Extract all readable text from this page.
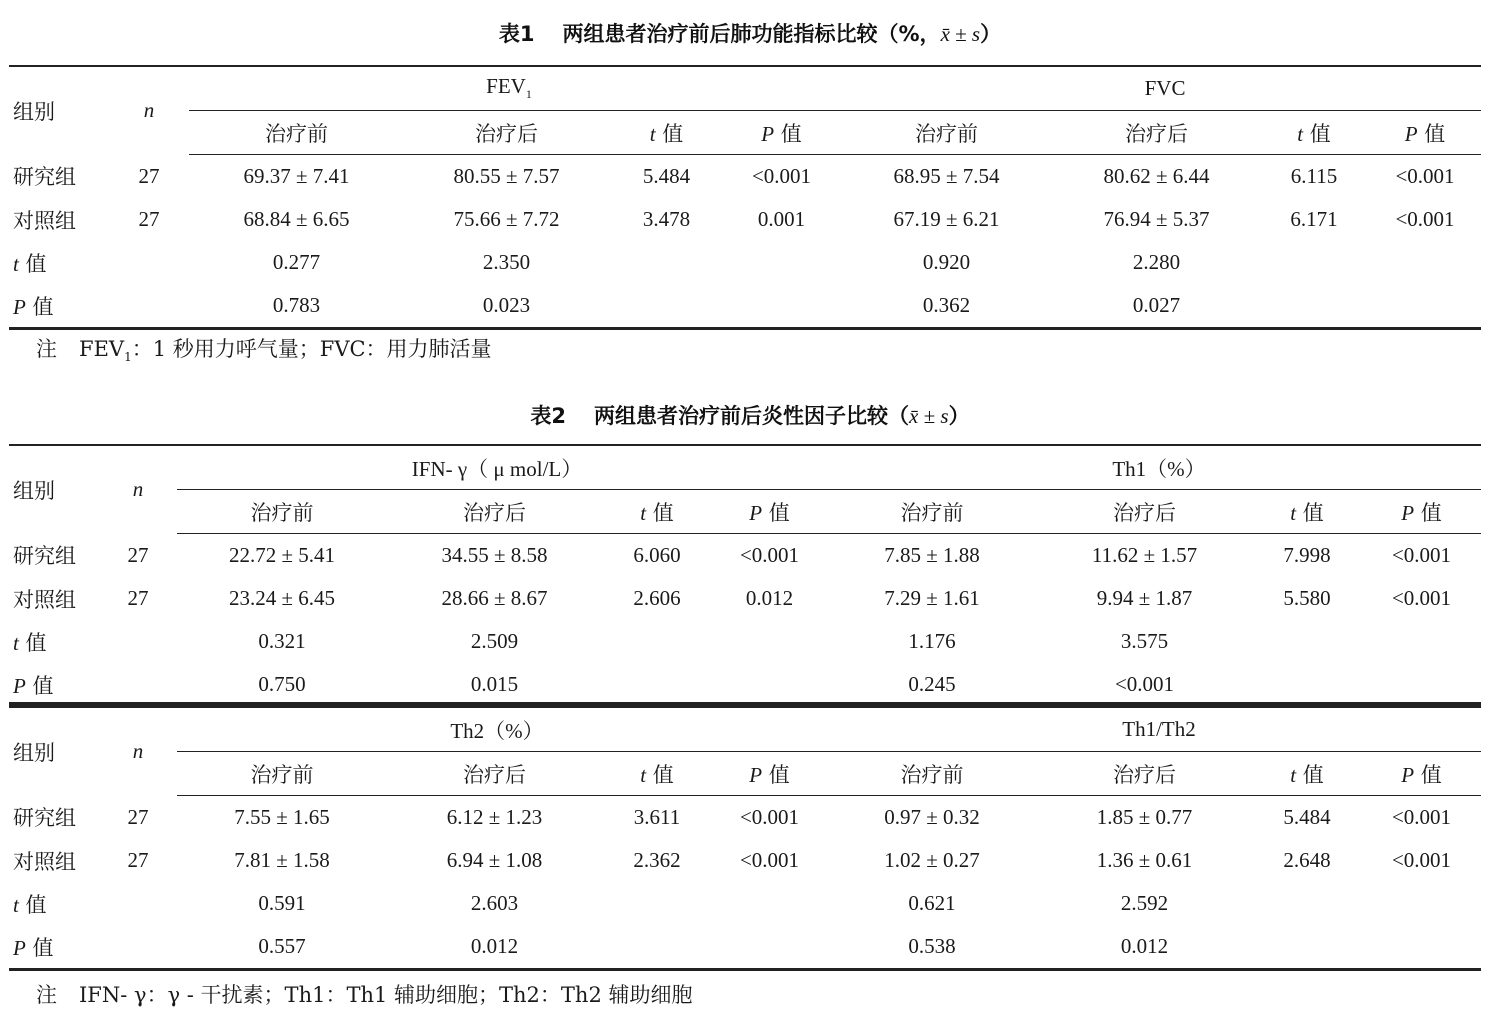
表1 两组患者治疗前后肺功能指标比较（%，x̄ ± s）
组别	n	$FEV_1$				FVC			
		治疗前	治疗后	t 值	P 值	治疗前	治疗后	t 值	P 值
研究组	27	69.37 ± 7.41	80.55 ± 7.57	5.484	<0.001	68.95 ± 7.54	80.62 ± 6.44	6.115	<0.001
对照组	27	68.84 ± 6.65	75.66 ± 7.72	3.478	0.001	67.19 ± 6.21	76.94 ± 5.37	6.171	<0.001
t 值		0.277	2.350			0.920	2.280		
P 值		0.783	0.023			0.362	0.027		
注 $FEV_1$：1 秒用力呼气量；FVC：用力肺活量
表2 两组患者治疗前后炎性因子比较（x̄ ± s）
组别	n	IFN- γ（ μ mol/L）				Th1（%）			
		治疗前	治疗后	t 值	P 值	治疗前	治疗后	t 值	P 值
研究组	27	22.72 ± 5.41	34.55 ± 8.58	6.060	<0.001	7.85 ± 1.88	11.62 ± 1.57	7.998	<0.001
对照组	27	23.24 ± 6.45	28.66 ± 8.67	2.606	0.012	7.29 ± 1.61	9.94 ± 1.87	5.580	<0.001
t 值		0.321	2.509			1.176	3.575		
P 值		0.750	0.015			0.245	<0.001		
组别	n	Th2（%）				Th1/Th2			
		治疗前	治疗后	t 值	P 值	治疗前	治疗后	t 值	P 值
研究组	27	7.55 ± 1.65	6.12 ± 1.23	3.611	<0.001	0.97 ± 0.32	1.85 ± 0.77	5.484	<0.001
对照组	27	7.81 ± 1.58	6.94 ± 1.08	2.362	<0.001	1.02 ± 0.27	1.36 ± 0.61	2.648	<0.001
t 值		0.591	2.603			0.621	2.592		
P 值		0.557	0.012			0.538	0.012		
注 IFN- γ：γ - 干扰素；Th1：Th1 辅助细胞；Th2：Th2 辅助细胞
